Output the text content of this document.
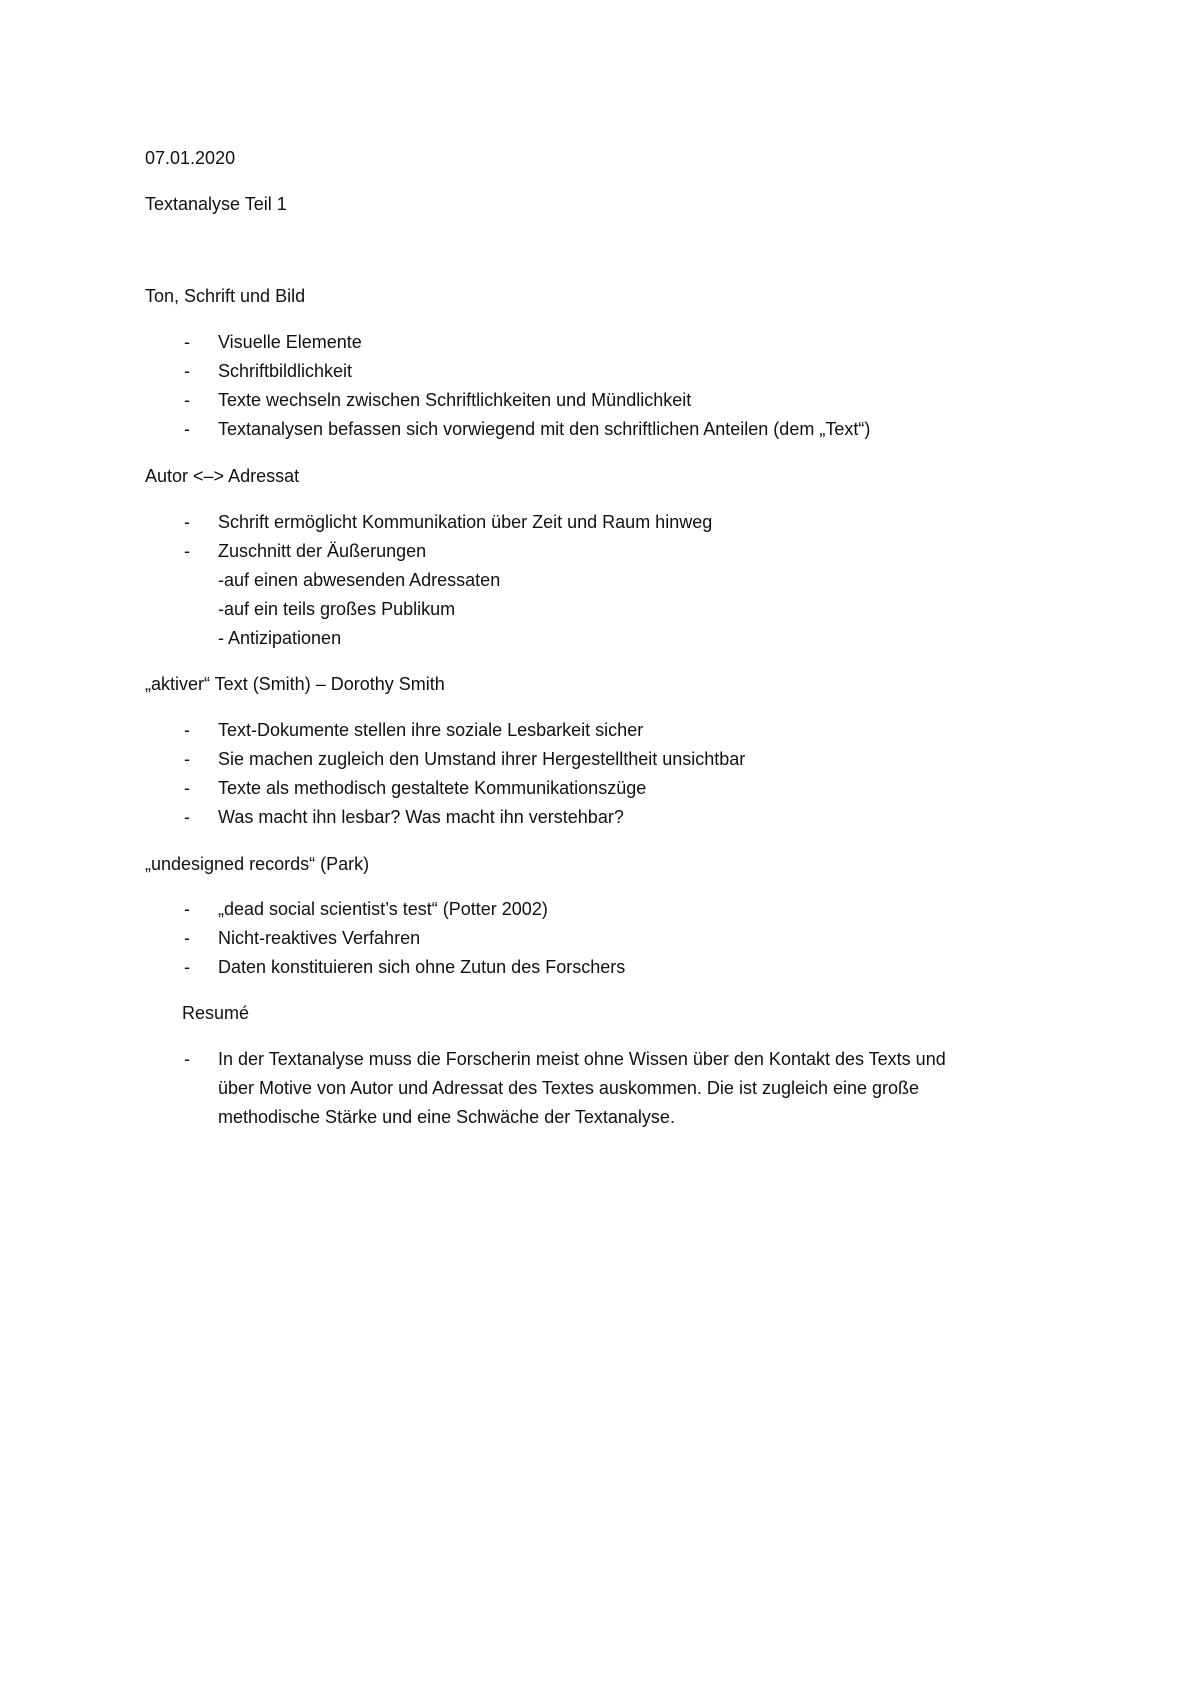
07.01.2020
Textanalyse Teil 1
Ton, Schrift und Bild
-	Visuelle Elemente
-	Schriftbildlichkeit
-	Texte wechseln zwischen Schriftlichkeiten und Mündlichkeit
-	Textanalysen befassen sich vorwiegend mit den schriftlichen Anteilen (dem „Text“)
Autor <–> Adressat
-	Schrift ermöglicht Kommunikation über Zeit und Raum hinweg
-	Zuschnitt der Äußerungen
-auf einen abwesenden Adressaten
-auf ein teils großes Publikum
- Antizipationen
„aktiver“ Text (Smith) – Dorothy Smith
-	Text-Dokumente stellen ihre soziale Lesbarkeit sicher
-	Sie machen zugleich den Umstand ihrer Hergestelltheit unsichtbar
-	Texte als methodisch gestaltete Kommunikationszüge
-	Was macht ihn lesbar? Was macht ihn verstehbar?
„undesigned records“ (Park)
-	„dead social scientist’s test“ (Potter 2002)
-	Nicht-reaktives Verfahren
-	Daten konstituieren sich ohne Zutun des Forschers
Resumé
-	In der Textanalyse muss die Forscherin meist ohne Wissen über den Kontakt des Texts und
über Motive von Autor und Adressat des Textes auskommen. Die ist zugleich eine große
methodische Stärke und eine Schwäche der Textanalyse.
